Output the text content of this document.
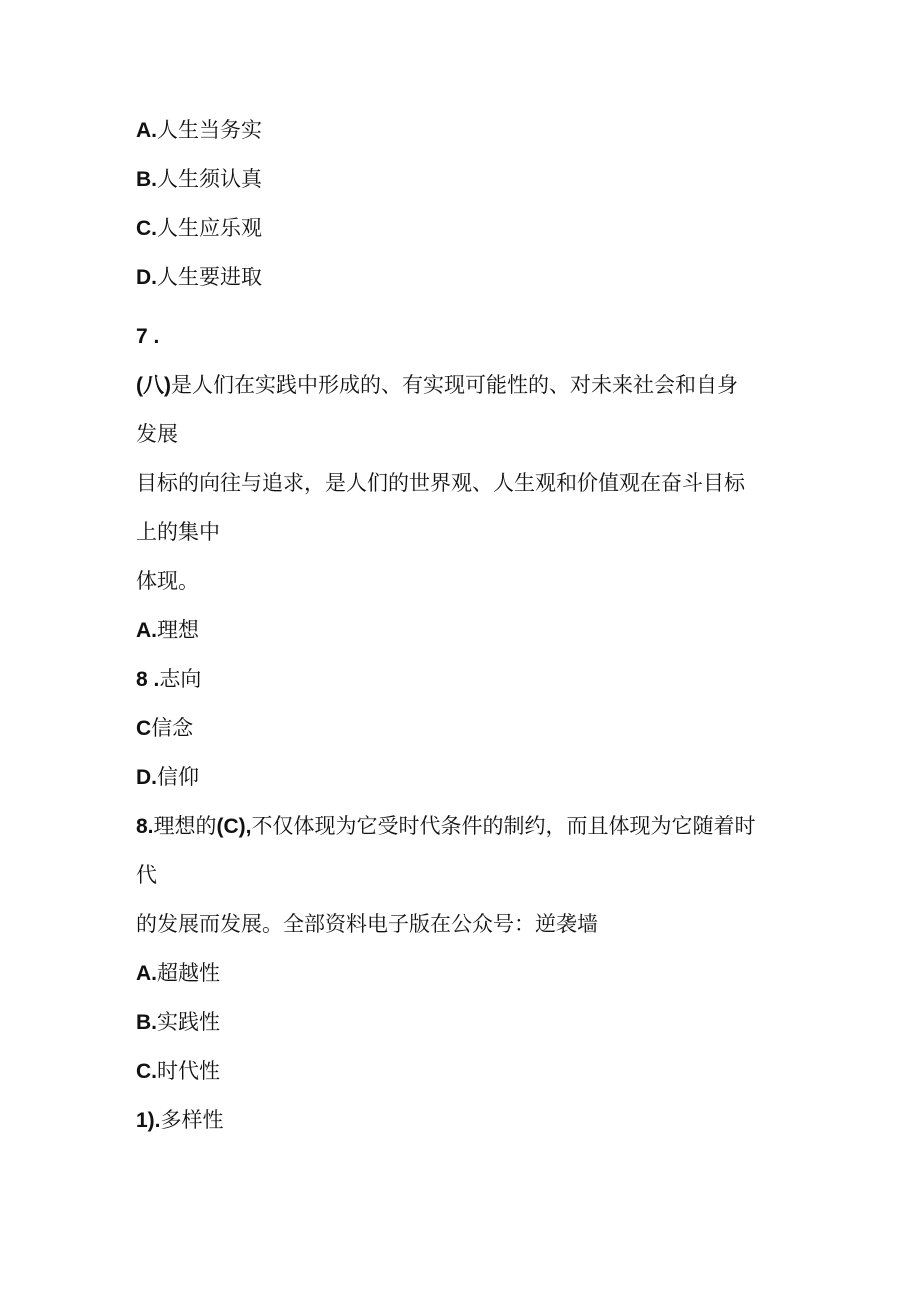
A.人生当务实

B.人生须认真

C.人生应乐观

D.人生要进取

7 .

(八)是人们在实践中形成的、有实现可能性的、对未来社会和自身

发展

目标的向往与追求，是人们的世界观、人生观和价值观在奋斗目标

上的集中

体现。

A.理想

8 .志向

C信念

D.信仰

8.理想的(C),不仅体现为它受时代条件的制约，而且体现为它随着时

代

的发展而发展。全部资料电子版在公众号：逆袭墙

A.超越性

B.实践性

C.时代性

1).多样性
